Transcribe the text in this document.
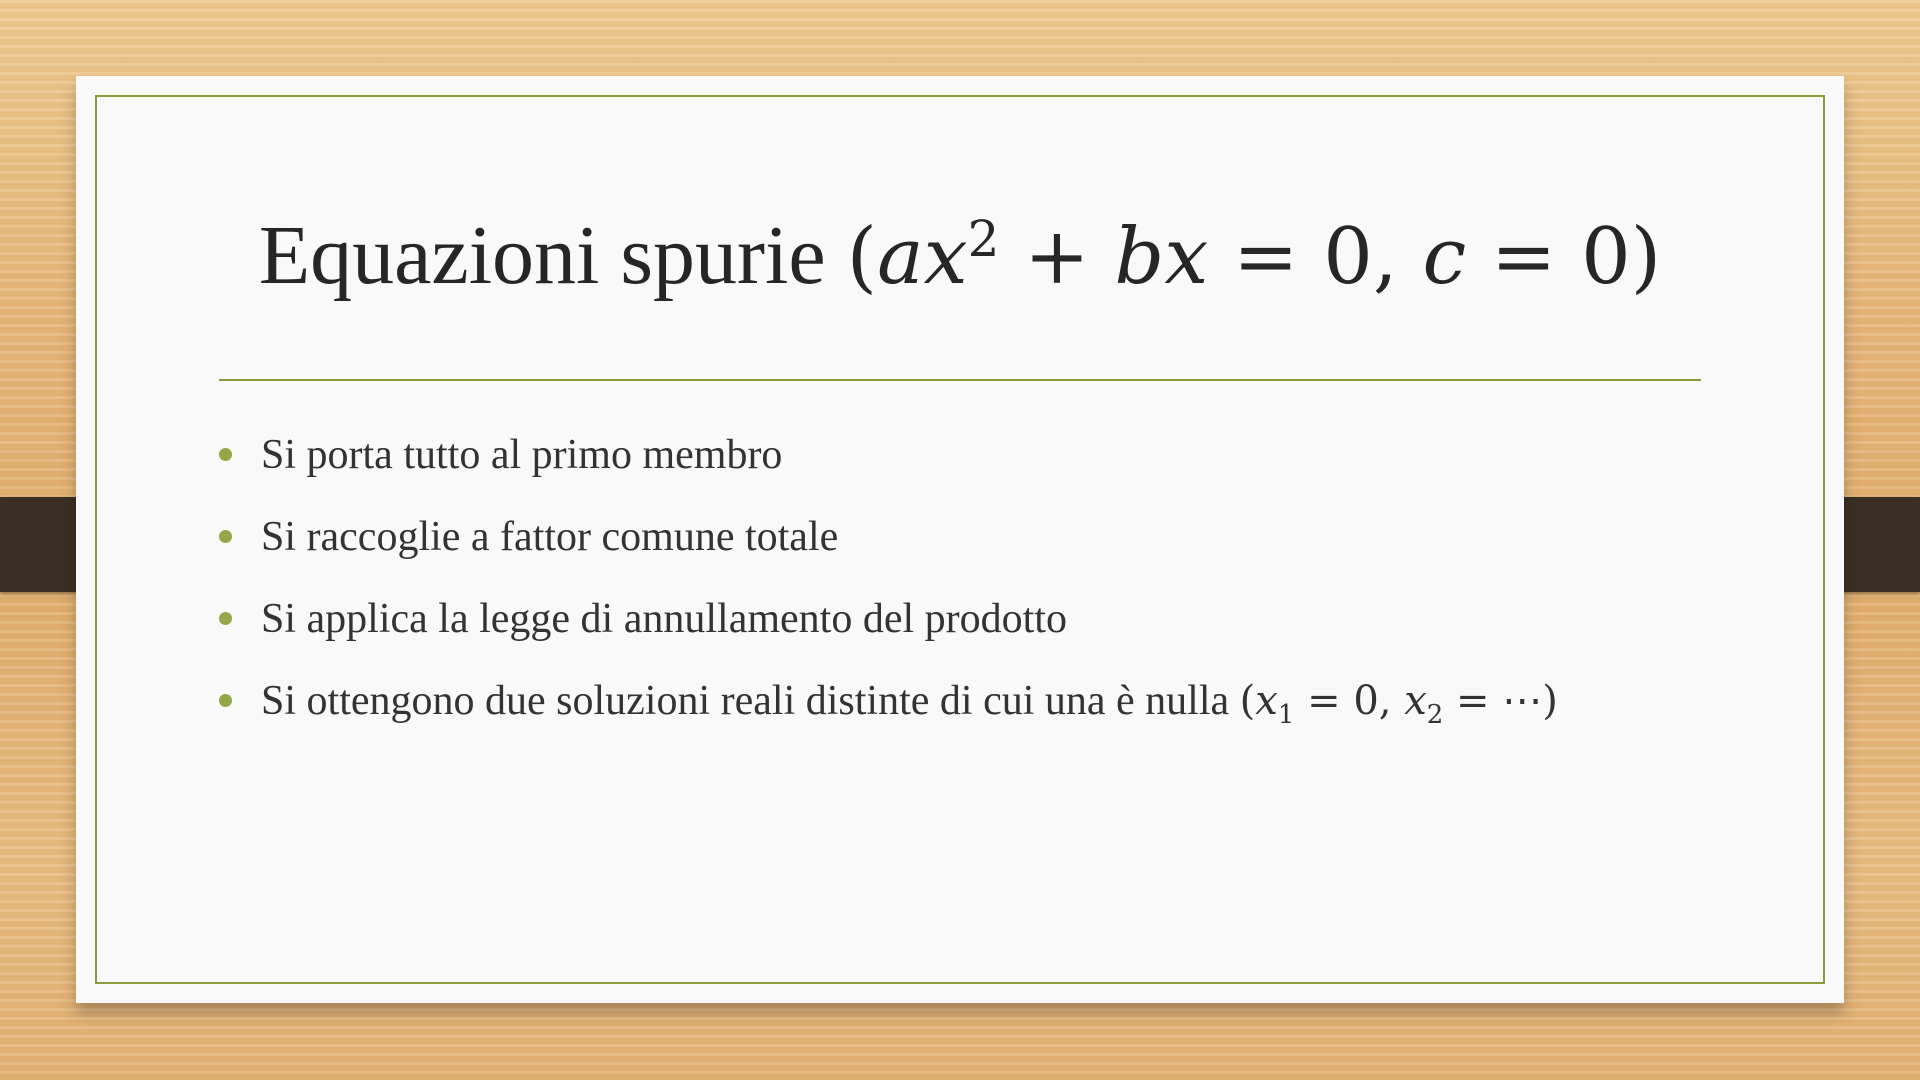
Equazioni spurie ($ax^2$ + bx = 0, c = 0)
Si porta tutto al primo membro
Si raccoglie a fattor comune totale
Si applica la legge di annullamento del prodotto
Si ottengono due soluzioni reali distinte di cui una è nulla ($x_1 = 0$, $x_2$ = ⋯)
